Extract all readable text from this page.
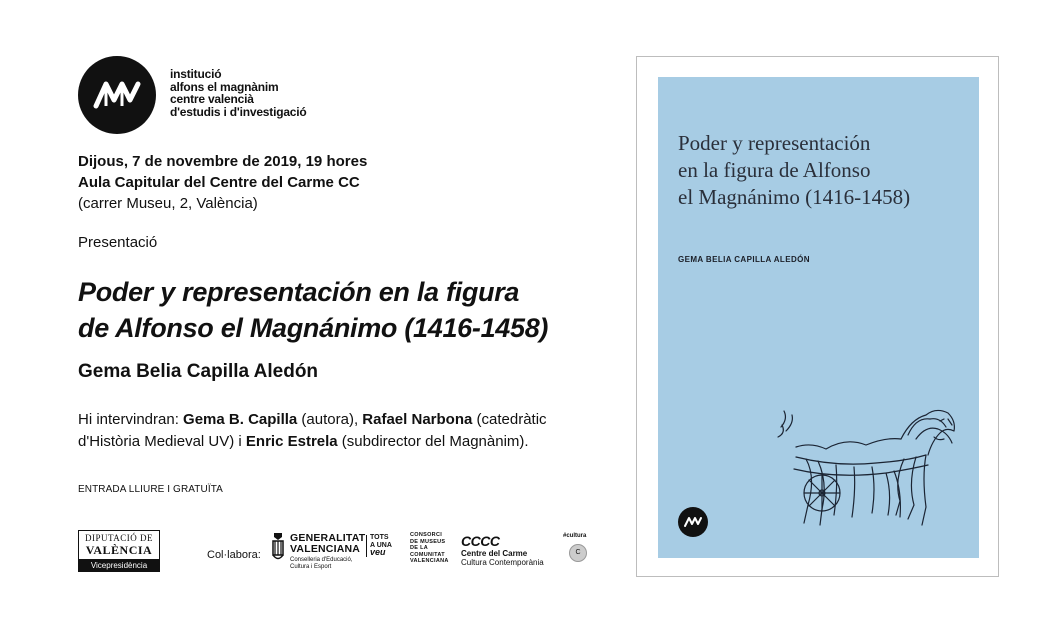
institució
alfons el magnànim
centre valencià
d'estudis i d'investigació
Dijous, 7 de novembre de 2019, 19 hores
Aula Capitular del Centre del Carme CC
(carrer Museu, 2, València)
Presentació
Poder y representación en la figura
de Alfonso el Magnánimo (1416-1458)
Gema Belia Capilla Aledón
Hi intervindran: Gema B. Capilla (autora), Rafael Narbona (catedràtic
d'Història Medieval UV) i Enric Estrela (subdirector del Magnànim).
ENTRADA LLIURE I GRATUÏTA
DIPUTACIÓ DE
VALÈNCIA
Vicepresidència
Col·labora:
GENERALITAT
VALENCIANA
Conselleria d'Educació,
Cultura i Esport
TOTS
A UNA
veu
CONSORCI
DE MUSEUS
DE LA
COMUNITAT
VALENCIANA
CCCC
Centre del Carme
Cultura Contemporània
#cultura
C
Poder y representación
en la figura de Alfonso
el Magnánimo (1416-1458)
GEMA BELIA CAPILLA ALEDÓN
